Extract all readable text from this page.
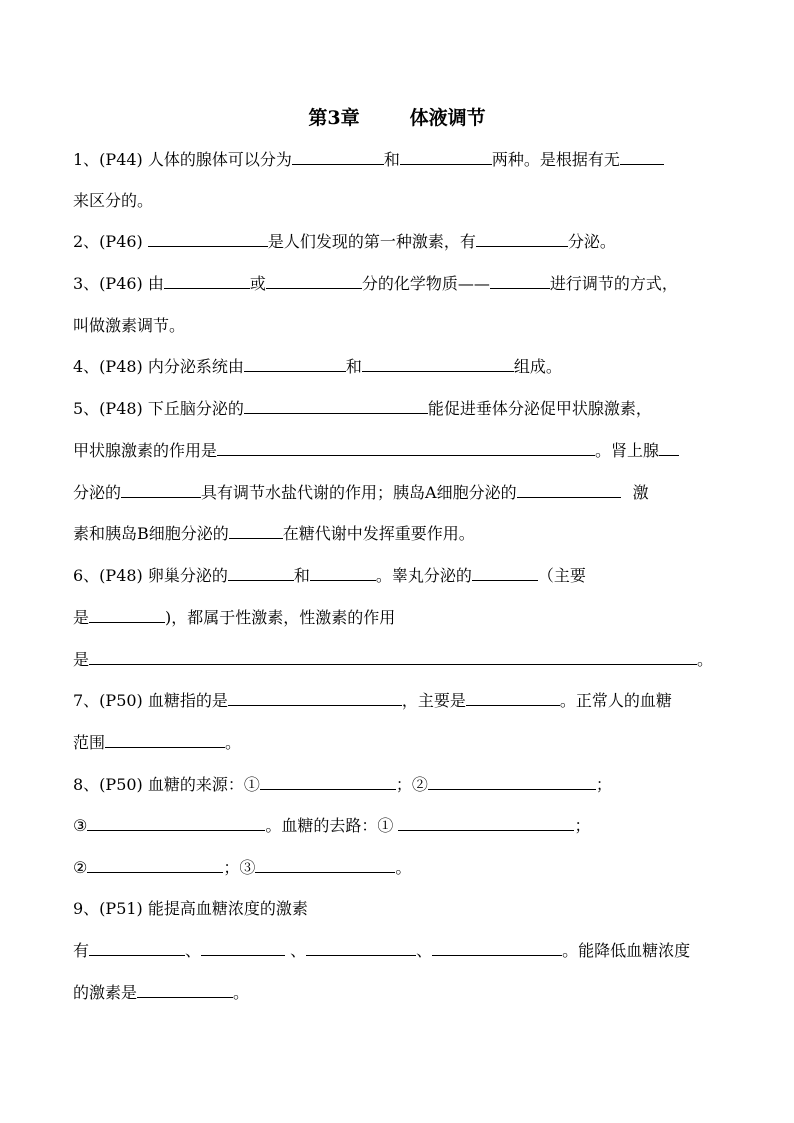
第3章	体液调节
1、(P44) 人体的腺体可以分为	和	两种。是根据有无
来区分的。
2、(P46)	是人们发现的第一种激素，有	分泌。
3、(P46) 由	或	分的化学物质——	进行调节的方式，
叫做激素调节。
4、(P48) 内分泌系统由	和	组成。
5、(P48) 下丘脑分泌的	能促进垂体分泌促甲状腺激素，
甲状腺激素的作用是	。肾上腺
分泌的	具有调节水盐代谢的作用；胰岛A细胞分泌的	激
素和胰岛B细胞分泌的	在糖代谢中发挥重要作用。
6、(P48) 卵巢分泌的	和	。睾丸分泌的	（主要
是	)，都属于性激素，性激素的作用
是	。
7、(P50) 血糖指的是	，主要是	。正常人的血糖
范围	。
8、(P50) 血糖的来源：①	；②	；
③	。血糖的去路：①	；
②	；③	。
9、(P51) 能提高血糖浓度的激素
有	、	、	、	。能降低血糖浓度
的激素是	。
